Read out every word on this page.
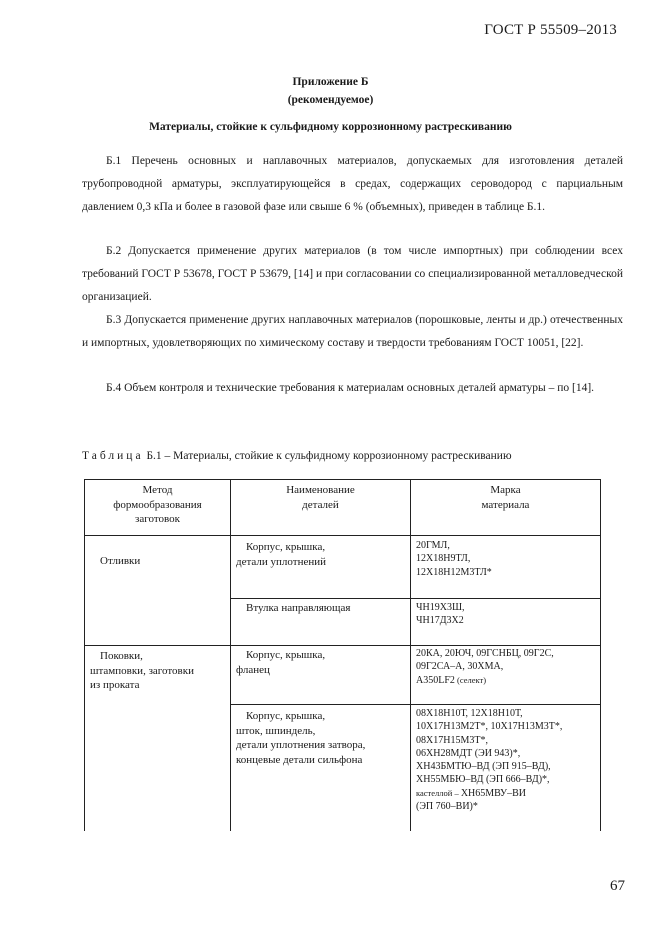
ГОСТ Р 55509–2013
Приложение Б
(рекомендуемое)
Материалы, стойкие к сульфидному коррозионному растрескиванию

Б.1 Перечень основных и наплавочных материалов, допускаемых для изготовления деталей трубопроводной арматуры, эксплуатирующейся в средах, содержащих сероводород с парциальным давлением 0,3 кПа и более в газовой фазе или свыше 6 % (объемных), приведен в таблице Б.1.

Б.2 Допускается применение других материалов (в том числе импортных) при соблюдении всех требований ГОСТ Р 53678, ГОСТ Р 53679, [14] и при согласовании со специализированной металловедческой организацией.

Б.3 Допускается применение других наплавочных материалов (порошковые, ленты и др.) отечественных и импортных, удовлетворяющих по химическому составу и твердости требованиям ГОСТ 10051, [22].

Б.4 Объем контроля и технические требования к материалам основных деталей арматуры – по [14].

Таблица Б.1 – Материалы, стойкие к сульфидному коррозионному растрескиванию
Метод
формообразования
заготовок
Наименование
деталей
Марка
материала
Отливки
Корпус, крышка,
детали уплотнений
20ГМЛ,
12Х18Н9ТЛ,
12Х18Н12М3ТЛ*
Втулка направляющая	ЧН19Х3Ш,
ЧН17Д3Х2
Поковки,
штамповки, заготовки
из проката
Корпус, крышка,
фланец
20КА, 20ЮЧ, 09ГСНБЦ, 09Г2С,
09Г2СА–А, 30ХМА,
A350LF2 (селект)
Корпус, крышка,
шток, шпиндель,
детали уплотнения затвора,
концевые детали сильфона
08Х18Н10Т, 12Х18Н10Т,
10Х17Н13М2Т*, 10Х17Н13М3Т*,
08Х17Н15М3Т*,
06ХН28МДТ (ЭИ 943)*,
ХН43БМТЮ–ВД (ЭП 915–ВД),
ХН55МБЮ–ВД (ЭП 666–ВД)*,
кастеллой – ХН65МВУ–ВИ
(ЭП 760–ВИ)*
67
